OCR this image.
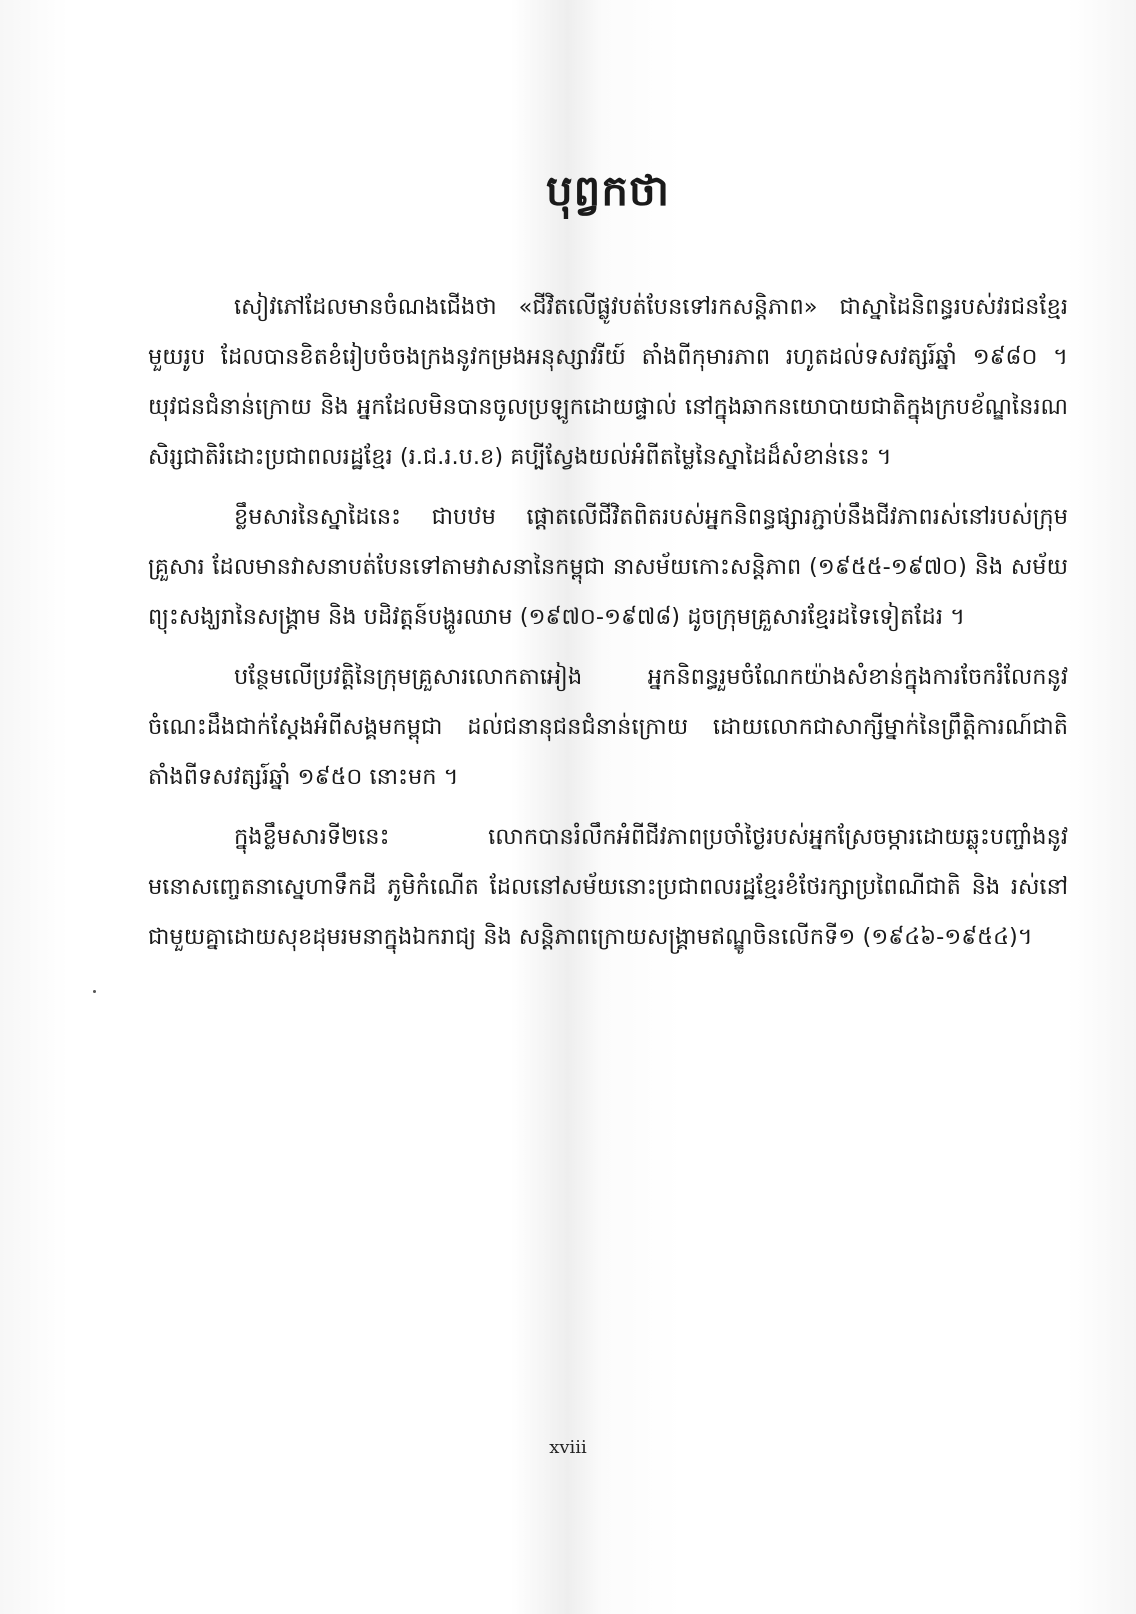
បុព្វកថា

សៀវភៅដែលមានចំណងជើងថា «ជីវិតលើផ្លូវបត់បែនទៅរកសន្តិភាព» ជាស្នាដៃនិពន្ធរបស់វរជនខ្មែរមួយរូប ដែលបានខិតខំរៀបចំចងក្រងនូវកម្រងអនុស្សាវរីយ៍ តាំងពីកុមារភាព រហូតដល់ទសវត្សរ៍ឆ្នាំ ១៩៨០ ។ យុវជនជំនាន់ក្រោយ និង អ្នកដែលមិនបានចូលប្រឡូកដោយផ្ទាល់ នៅក្នុងឆាកនយោបាយជាតិក្នុងក្របខ័ណ្ឌនៃរណសិរ្សជាតិរំដោះប្រជាពលរដ្ឋខ្មែរ (រ.ជ.រ.ប.ខ) គប្បីស្វែងយល់អំពីតម្លៃនៃស្នាដៃដ៏សំខាន់នេះ ។

ខ្លឹមសារនៃស្នាដៃនេះ ជាបឋម ផ្តោតលើជីវិតពិតរបស់អ្នកនិពន្ធផ្សារភ្ជាប់នឹងជីវភាពរស់នៅរបស់ក្រុមគ្រួសារ ដែលមានវាសនាបត់បែនទៅតាមវាសនានៃកម្ពុជា នាសម័យកោះសន្តិភាព (១៩៥៥-១៩៧០) និង សម័យព្យុះសង្ឃរានៃសង្គ្រាម និង បដិវត្តន៍បង្ហូរឈាម (១៩៧០-១៩៧៨) ដូចក្រុមគ្រួសារខ្មែរដទៃទៀតដែរ ។

បន្ថែមលើប្រវត្តិនៃក្រុមគ្រួសារលោកតាអៀង អ្នកនិពន្ធរួមចំណែកយ៉ាងសំខាន់ក្នុងការចែករំលែកនូវចំណេះដឹងជាក់ស្តែងអំពីសង្គមកម្ពុជា ដល់ជនានុជនជំនាន់ក្រោយ ដោយលោកជាសាក្សីម្នាក់នៃព្រឹត្តិការណ៍ជាតិ តាំងពីទសវត្សរ៍ឆ្នាំ ១៩៥០ នោះមក ។

ក្នុងខ្លឹមសារទី២នេះ លោកបានរំលឹកអំពីជីវភាពប្រចាំថ្ងៃរបស់អ្នកស្រែចម្ការដោយឆ្លុះបញ្ចាំងនូវមនោសញ្ចេតនាស្នេហាទឹកដី ភូមិកំណើត ដែលនៅសម័យនោះប្រជាពលរដ្ឋខ្មែរខំថែរក្សាប្រពៃណីជាតិ និង រស់នៅជាមួយគ្នាដោយសុខដុមរមនាក្នុងឯករាជ្យ និង សន្តិភាពក្រោយសង្គ្រាមឥណ្ឌូចិនលើកទី១ (១៩៤៦-១៩៥៤)។

xviii
